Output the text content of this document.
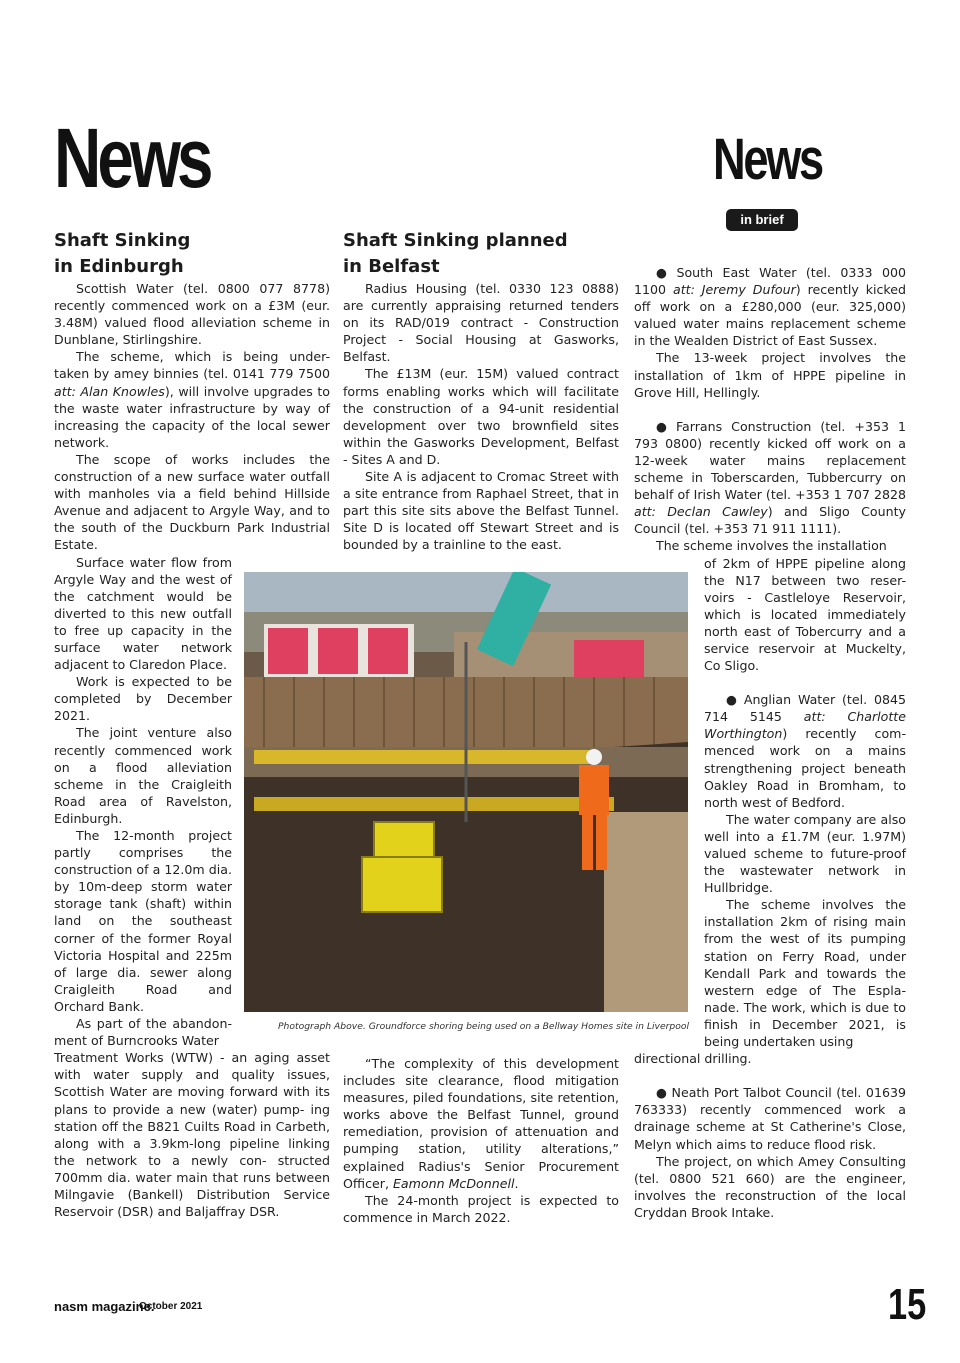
News	News
in brief
Shaft Sinking
in Edinburgh

Scottish Water (tel. 0800 077 8778) recently commenced work on a £3M (eur. 3.48M) valued flood alleviation scheme in Dunblane, Stirlingshire.

The scheme, which is being under- taken by amey binnies (tel. 0141 779 7500 att: Alan Knowles), will involve upgrades to the waste water infrastructure by way of increasing the capacity of the local sewer network.

The scope of works includes the construction of a new surface water outfall with manholes via a field behind Hillside Avenue and adjacent to Argyle Way, and to the south of the Duckburn Park Industrial Estate.

Surface water flow from Argyle Way and the west of the catchment would be diverted to this new outfall to free up capacity in the surface water network adjacent to Claredon Place.

Work is expected to be completed by December 2021.

The joint venture also recently commenced work on a flood alleviation scheme in the Craigleith Road area of Ravelston, Edinburgh.

The 12-month project partly comprises the construction of a 12.0m dia. by 10m-deep storm water storage tank (shaft) within land on the southeast corner of the former Royal Victoria Hospital and 225m of large dia. sewer along Craigleith Road and Orchard Bank.

As part of the abandon- ment of Burncrooks Water

Treatment Works (WTW) - an aging asset with water supply and quality issues, Scottish Water are moving forward with its plans to provide a new (water) pump- ing station off the B821 Cuilts Road in Carbeth, along with a 3.9km-long pipeline linking the network to a newly con- structed 700mm dia. water main that runs between Milngavie (Bankell) Distribution Service Reservoir (DSR) and Baljaffray DSR.

Shaft Sinking planned
in Belfast

Radius Housing (tel. 0330 123 0888) are currently appraising returned tenders on its RAD/019 contract - Construction Project - Social Housing at Gasworks, Belfast.

The £13M (eur. 15M) valued contract forms enabling works which will facilitate the construction of a 94-unit residential development over two brownfield sites within the Gasworks Development, Belfast - Sites A and D.

Site A is adjacent to Cromac Street with a site entrance from Raphael Street, that in part this site sits above the Belfast Tunnel. Site D is located off Stewart Street and is bounded by a trainline to the east.

“The complexity of this development includes site clearance, flood mitigation measures, piled foundations, site retention, works above the Belfast Tunnel, ground remediation, provision of attenuation and pumping station, utility alterations,” explained Radius's Senior Procurement Officer, Eamonn McDonnell.

The 24-month project is expected to commence in March 2022.

Photograph Above. Groundforce shoring being used on a Bellway Homes site in Liverpool

● South East Water (tel. 0333 000 1100 att: Jeremy Dufour) recently kicked off work on a £280,000 (eur. 325,000) valued water mains replacement scheme in the Wealden District of East Sussex.

The 13-week project involves the installation of 1km of HPPE pipeline in Grove Hill, Hellingly.

● Farrans Construction (tel. +353 1 793 0800) recently kicked off work on a 12-week water mains replacement scheme in Toberscarden, Tubbercurry on behalf of Irish Water (tel. +353 1 707 2828 att: Declan Cawley) and Sligo County Council (tel. +353 71 911 1111).

The scheme involves the installation

of 2km of HPPE pipeline along the N17 between two reser- voirs - Castleloye Reservoir, which is located immediately north east of Tobercurry and a service reservoir at Muckelty, Co Sligo.

● Anglian Water (tel. 0845 714 5145 att: Charlotte Worthington) recently com- menced work on a mains strengthening project beneath Oakley Road in Bromham, to north west of Bedford.

The water company are also well into a £1.7M (eur. 1.97M) valued scheme to future-proof the wastewater network in Hullbridge.

The scheme involves the installation 2km of rising main from the west of its pumping station on Ferry Road, under Kendall Park and towards the western edge of The Espla- nade. The work, which is due to finish in December 2021, is being undertaken using

directional drilling.

● Neath Port Talbot Council (tel. 01639 763333) recently commenced work a drainage scheme at St Catherine's Close, Melyn which aims to reduce flood risk.

The project, on which Amey Consulting (tel. 0800 521 660) are the engineer, involves the reconstruction of the local Cryddan Brook Intake.

nasm magazine.
October 2021	15
